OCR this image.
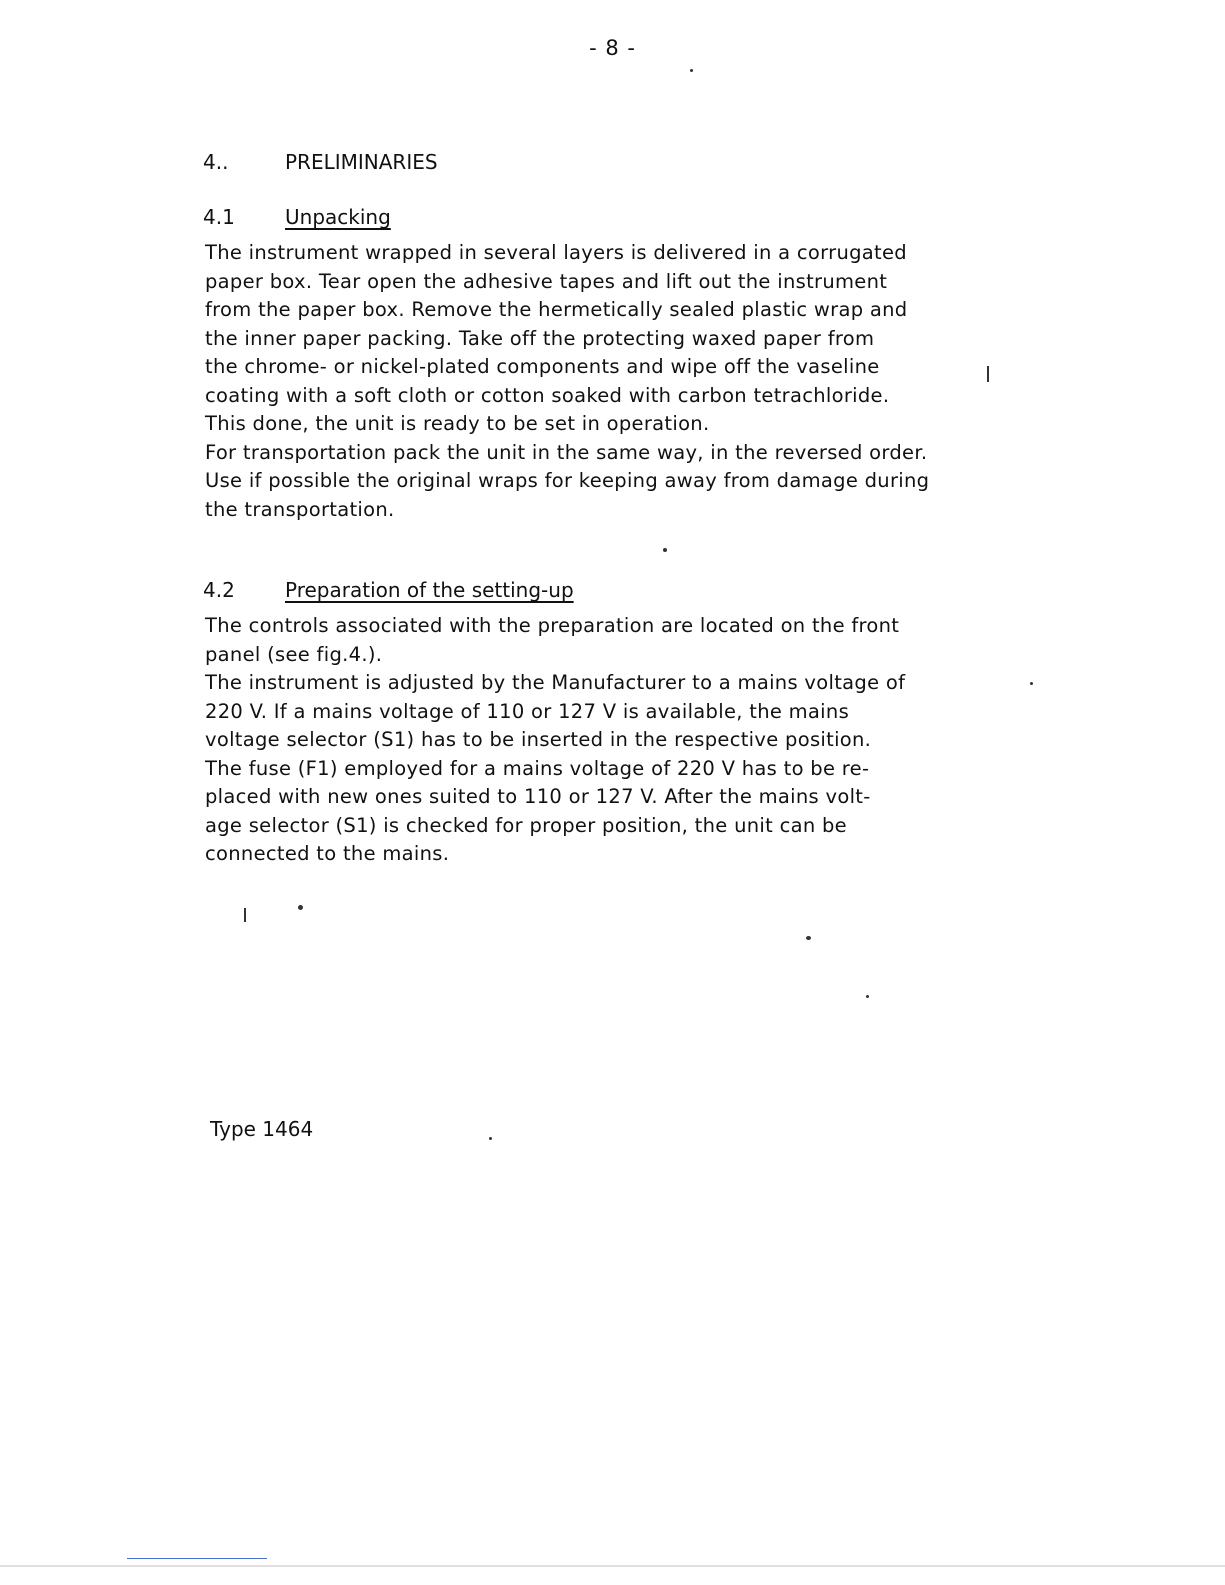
- 8 -
4..	PRELIMINARIES
4.1	Unpacking
The instrument wrapped in several layers is delivered in a corrugated
paper box. Tear open the adhesive tapes and lift out the instrument
from the paper box. Remove the hermetically sealed plastic wrap and
the inner paper packing. Take off the protecting waxed paper from
the chrome- or nickel-plated components and wipe off the vaseline
coating with a soft cloth or cotton soaked with carbon tetrachloride.
This done, the unit is ready to be set in operation.
For transportation pack the unit in the same way, in the reversed order.
Use if possible the original wraps for keeping away from damage during
the transportation.
4.2	Preparation of the setting-up
The controls associated with the preparation are located on the front
panel (see fig.4.).
The instrument is adjusted by the Manufacturer to a mains voltage of
220 V. If a mains voltage of 110 or 127 V is available, the mains
voltage selector (S1) has to be inserted in the respective position.
The fuse (F1) employed for a mains voltage of 220 V has to be re-
placed with new ones suited to 110 or 127 V. After the mains volt-
age selector (S1) is checked for proper position, the unit can be
connected to the mains.
Type 1464
